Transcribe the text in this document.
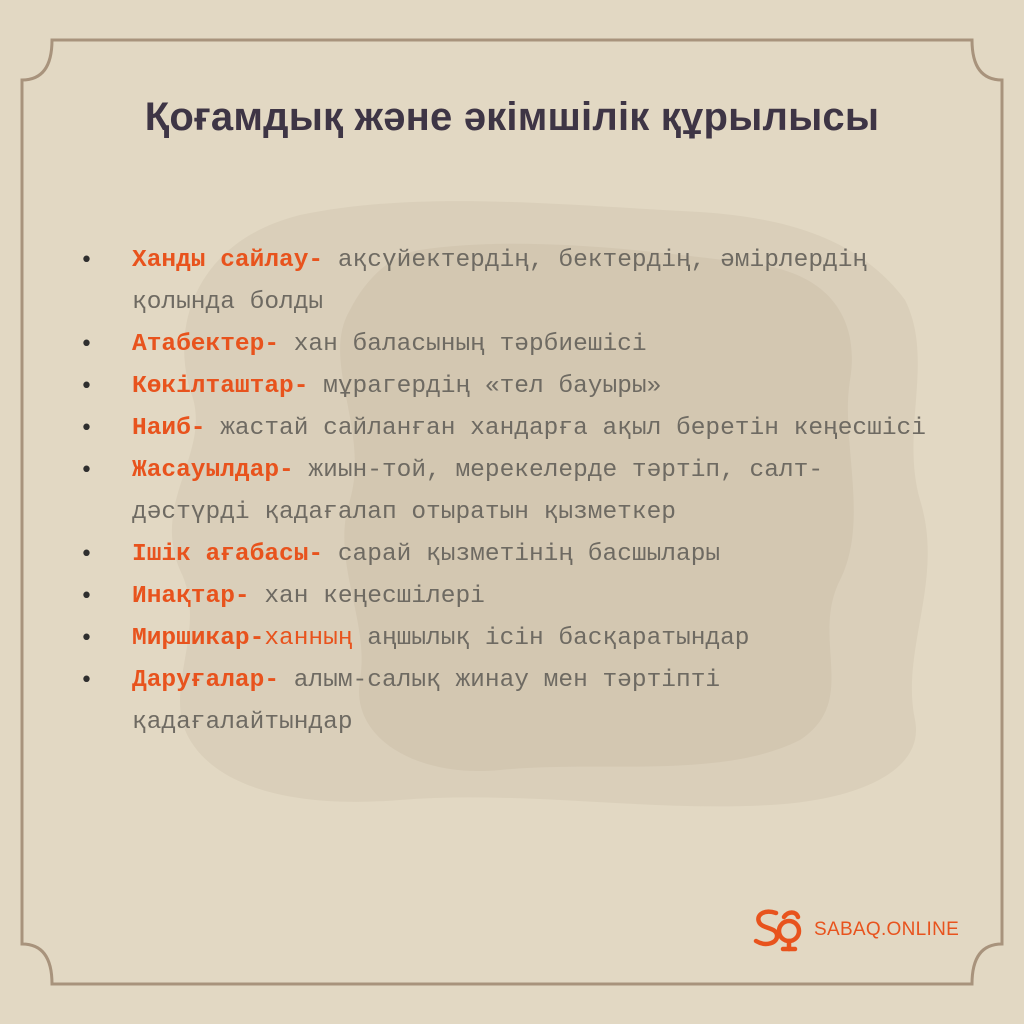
Қоғамдық және әкімшілік құрылысы
• Ханды сайлау- ақсүйектердің, бектердің, әмірлердің қолында болды
• Атабектер- хан баласының тәрбиешісі
• Көкілташтар- мұрагердің «тел бауыры»
• Наиб- жастай сайланған хандарға ақыл беретін кеңесшісі
• Жасауылдар- жиын-той, мерекелерде тәртіп, салт-дәстүрді қадағалап отыратын қызметкер
• Ішік ағабасы- сарай қызметінің басшылары
• Инақтар- хан кеңесшілері
• Миршикар-ханның аңшылық ісін басқаратындар
• Даруғалар- алым-салық жинау мен тәртіпті қадағалайтындар
SABAQ.ONLINE
